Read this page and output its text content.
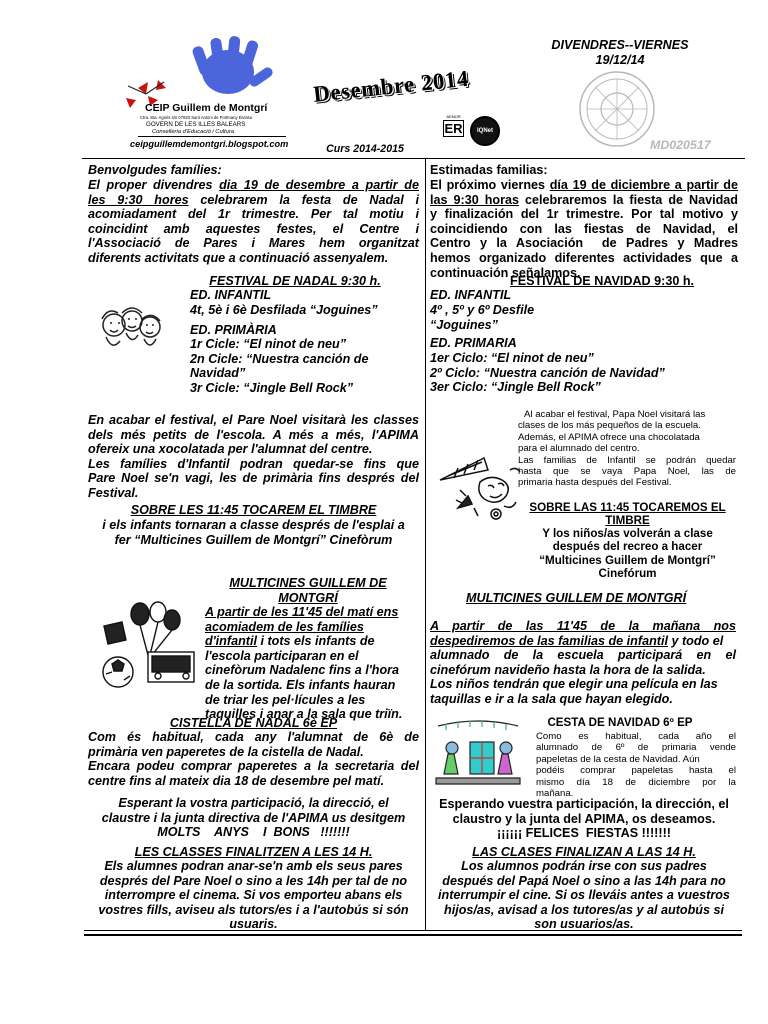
CEIP Guillem de Montgrí
Ctra. Sta. Agnès s/n 07820 Sant Antoni de Portmany Eivissa
GOVERN DE LES ILLES BALEARS
Conselleria d'Educació i Cultura
ceipguillemdemontgri.blogspot.com
Desembre 2014
AENOR
ER	IQNet
Curs 2014-2015
DIVENDRES--VIERNES
19/12/14
MD020517
Benvolgudes famílies:
El proper divendres dia 19 de desembre a partir de
les 9:30 hores celebrarem la festa de Nadal i
acomiadament del 1r trimestre. Per tal motiu i
coincidint amb aquestes festes, el Centre i
l'Associació de Pares i Mares hem organitzat
diferents activitats que a continuació assenyalem.
FESTIVAL DE NADAL 9:30 h.
ED. INFANTIL
4t, 5è i 6è Desfilada “Joguines”
ED. PRIMÀRIA
1r Cicle: “El ninot de neu”
2n Cicle: “Nuestra canción de
Navidad”
3r Cicle: “Jingle Bell Rock”
En acabar el festival, el Pare Noel visitarà les classes
dels més petits de l'escola. A més a més, l'APIMA
ofereix una xocolatada per l'alumnat del centre.
Les famílies d'Infantil podran quedar-se fins que
Pare Noel se'n vagi, les de primària fins després del
Festival.
SOBRE LES 11:45 TOCAREM EL TIMBRE
i els infants tornaran a classe després de l'esplai a
fer “Multicines Guillem de Montgrí” Cinefòrum
MULTICINES GUILLEM DE
MONTGRÍ
A partir de les 11'45 del matí ens
acomiadem de les famílies
d'infantil i tots els infants de
l'escola participaran en el
cinefòrum Nadalenc fins a l'hora
de la sortida. Els infants hauran
de triar les pel·lícules a les
taquilles i anar a la sala que triïn.
CISTELLA DE NADAL 6è EP
Com és habitual, cada any l'alumnat de 6è de
primària ven paperetes de la cistella de Nadal.
Encara podeu comprar paperetes a la secretaria del
centre fins al mateix dia 18 de desembre pel matí.
Esperant la vostra participació, la direcció, el
claustre i la junta directiva de l'APIMA us desitgem
MOLTS    ANYS    I  BONS   !!!!!!!
LES CLASSES FINALITZEN A LES 14 H.
Els alumnes podran anar-se'n amb els seus pares
després del Pare Noel o sino a les 14h per tal de no
interrompre el cinema. Si vos emporteu abans els
vostres fills, aviseu als tutors/es i a l'autobús si són
usuaris.
Estimadas familias:
El próximo viernes día 19 de diciembre a partir de
las 9:30 horas celebraremos la fiesta de Navidad
y finalización del 1r trimestre. Por tal motivo y
coincidiendo con las fiestas de Navidad, el
Centro y la Asociación  de Padres y Madres
hemos organizado diferentes actividades que a
continuación señalamos.
FESTIVAL DE NAVIDAD 9:30 h.
ED. INFANTIL
4º , 5º y 6º Desfile
“Joguines”
ED. PRIMARIA
1er Ciclo: “El ninot de neu”
2º Ciclo: “Nuestra canción de Navidad”
3er Ciclo: “Jingle Bell Rock”
Al acabar el festival, Papa Noel visitará las
clases de los más pequeños de la escuela.
Además, el APIMA ofrece una chocolatada
para el alumnado del centro.
Las familias de Infantil se podrán quedar
hasta que se vaya Papa Noel, las de
primaria hasta después del Festival.
SOBRE LAS 11:45 TOCAREMOS EL
TIMBRE
Y los niños/as volverán a clase
después del recreo a hacer
“Multicines Guillem de Montgrí”
Cinefórum
MULTICINES GUILLEM DE MONTGRÍ
A  partir  de  las  11'45  de  la  mañana  nos
despediremos de las familias de infantil y todo el
alumnado de la escuela participará en el
cinefórum navideño hasta la hora de la salida.
Los niños tendrán que elegir una película en las
taquillas e ir a la sala que hayan elegido.
CESTA DE NAVIDAD 6º EP
Como es habitual, cada año el
alumnado de 6º de primaria vende
papeletas de la cesta de Navidad. Aún
podéis comprar papeletas hasta el
mismo día 18 de diciembre por la
mañana.
Esperando vuestra participación, la dirección, el
claustro y la junta del APIMA, os deseamos.
¡¡¡¡¡¡ FELICES  FIESTAS !!!!!!!
LAS CLASES FINALIZAN A LAS 14 H.
Los alumnos podrán irse con sus padres
después del Papá Noel o sino a las 14h para no
interrumpir el cine. Si os lleváis antes a vuestros
hijos/as, avisad a los tutores/as y al autobús si
son usuarios/as.
